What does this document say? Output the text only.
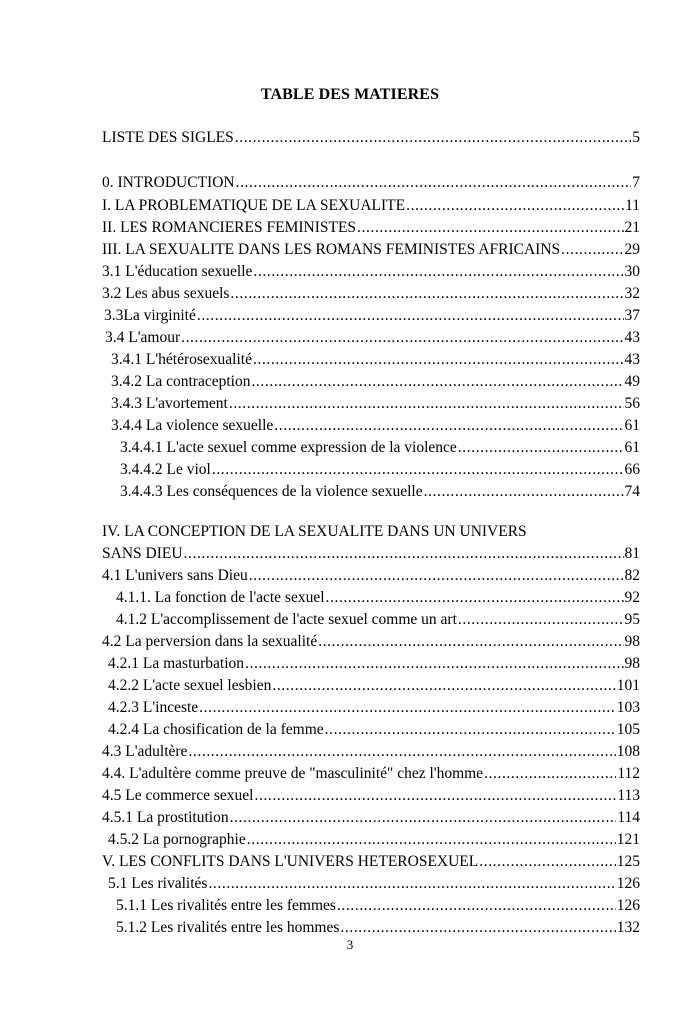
TABLE DES MATIERES
LISTE DES SIGLES .....	5
0. INTRODUCTION .....	7
I. LA PROBLEMATIQUE DE LA SEXUALITE .....	11
II. LES ROMANCIERES FEMINISTES .....	21
III. LA SEXUALITE DANS LES ROMANS FEMINISTES AFRICAINS .....	29
3.1 L'éducation sexuelle .....	30
3.2 Les abus sexuels .....	32
3.3La virginité .....	37
3.4 L'amour .....	43
3.4.1 L'hétérosexualité .....	43
3.4.2 La contraception .....	49
3.4.3 L'avortement .....	56
3.4.4 La violence sexuelle .....	61
3.4.4.1 L'acte sexuel comme expression de la violence .....	61
3.4.4.2 Le viol .....	66
3.4.4.3 Les conséquences de la violence sexuelle .....	74
IV. LA CONCEPTION DE LA SEXUALITE DANS UN UNIVERS
SANS DIEU .....	81
4.1 L'univers sans Dieu .....	82
4.1.1. La fonction de l'acte sexuel .....	92
4.1.2 L'accomplissement de l'acte sexuel comme un art .....	95
4.2 La perversion dans la sexualité .....	98
4.2.1 La masturbation .....	98
4.2.2 L'acte sexuel lesbien .....	101
4.2.3 L'inceste .....	103
4.2.4 La chosification de la femme .....	105
4.3 L'adultère .....	108
4.4. L'adultère comme preuve de "masculinité" chez l'homme .....	112
4.5 Le commerce sexuel .....	113
4.5.1 La prostitution .....	114
4.5.2 La pornographie .....	121
V. LES CONFLITS DANS L'UNIVERS HETEROSEXUEL .....	125
5.1 Les rivalités .....	126
5.1.1 Les rivalités entre les femmes .....	126
5.1.2 Les rivalités entre les hommes .....	132
3
